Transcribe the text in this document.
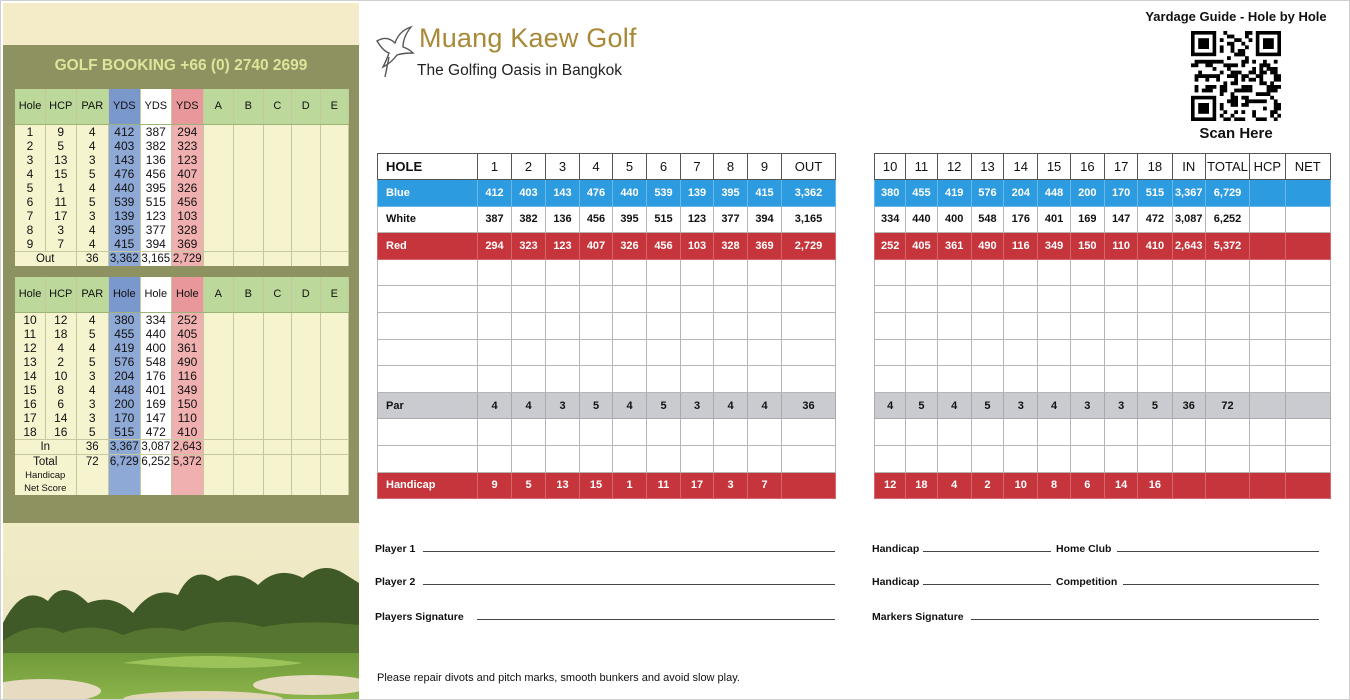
GOLF BOOKING +66 (0) 2740 2699
Hole	HCP	PAR	YDS	YDS	YDS	A	B	C	D	E
1	9	4	412	387	294					
2	5	4	403	382	323					
3	13	3	143	136	123					
4	15	5	476	456	407					
5	1	4	440	395	326					
6	11	5	539	515	456					
7	17	3	139	123	103					
8	3	4	395	377	328					
9	7	4	415	394	369					
Out		36	3,362	3,165	2,729					
Hole	HCP	PAR	Hole	Hole	Hole	A	B	C	D	E
10	12	4	380	334	252					
11	18	5	455	440	405					
12	4	4	419	400	361					
13	2	5	576	548	490					
14	10	3	204	176	116					
15	8	4	448	401	349					
16	6	3	200	169	150					
17	14	3	170	147	110					
18	16	5	515	472	410					
In		36	3,367	3,087	2,643					
Total		72	6,729	6,252	5,372					
Handicap										
Net Score										
Muang Kaew Golf
The Golfing Oasis in Bangkok
Yardage Guide - Hole by Hole
Scan Here
HOLE	1	2	3	4	5	6	7	8	9	OUT
Blue	412	403	143	476	440	539	139	395	415	3,362
White	387	382	136	456	395	515	123	377	394	3,165
Red	294	323	123	407	326	456	103	328	369	2,729

Par	4	4	3	5	4	5	3	4	4	36

Handicap	9	5	13	15	1	11	17	3	7	
10	11	12	13	14	15	16	17	18	IN	TOTAL	HCP	NET
380	455	419	576	204	448	200	170	515	3,367	6,729		
334	440	400	548	176	401	169	147	472	3,087	6,252		
252	405	361	490	116	349	150	110	410	2,643	5,372		

4	5	4	5	3	4	3	3	5	36	72		

12	18	4	2	10	8	6	14	16				
Player 1
Player 2
Players Signature
Handicap	Home Club
Handicap	Competition
Markers Signature
Please repair divots and pitch marks, smooth bunkers and avoid slow play.
